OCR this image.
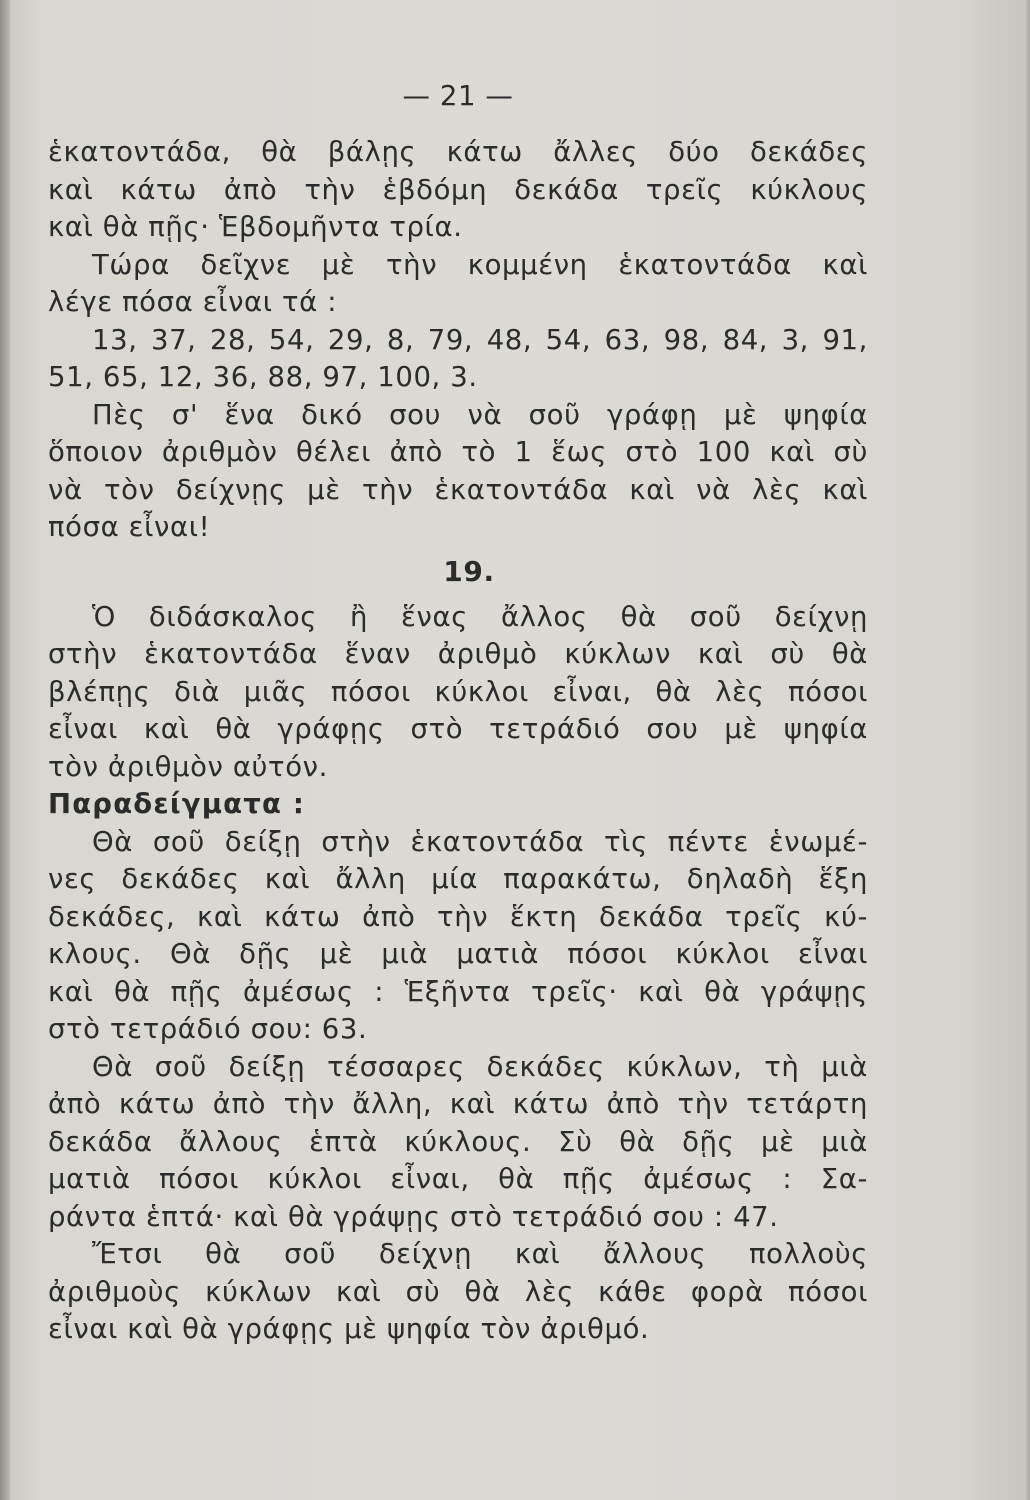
— 21 —
ἑκατοντάδα, θὰ βάλῃς κάτω ἄλλες δύο δεκάδες
καὶ κάτω ἀπὸ τὴν ἑβδόμη δεκάδα τρεῖς κύκλους
καὶ θὰ πῇς· Ἑβδομῆντα τρία.
Τώρα δεῖχνε μὲ τὴν κομμένη ἑκατοντάδα καὶ
λέγε πόσα εἶναι τά :
13, 37, 28, 54, 29, 8, 79, 48, 54, 63, 98, 84, 3, 91,
51, 65, 12, 36, 88, 97, 100, 3.
Πὲς σ' ἕνα δικό σου νὰ σοῦ γράφῃ μὲ ψηφία
ὅποιον ἀριθμὸν θέλει ἀπὸ τὸ 1 ἕως στὸ 100 καὶ σὺ
νὰ τὸν δείχνῃς μὲ τὴν ἑκατοντάδα καὶ νὰ λὲς καὶ
πόσα εἶναι!
19.
Ὁ διδάσκαλος ἢ ἕνας ἄλλος θὰ σοῦ δείχνῃ
στὴν ἑκατοντάδα ἕναν ἀριθμὸ κύκλων καὶ σὺ θὰ
βλέπῃς διὰ μιᾶς πόσοι κύκλοι εἶναι, θὰ λὲς πόσοι
εἶναι καὶ θὰ γράφῃς στὸ τετράδιό σου μὲ ψηφία
τὸν ἀριθμὸν αὐτόν.
Παραδείγματα :
Θὰ σοῦ δείξῃ στὴν ἑκατοντάδα τὶς πέντε ἑνωμέ-
νες δεκάδες καὶ ἄλλη μία παρακάτω, δηλαδὴ ἕξη
δεκάδες, καὶ κάτω ἀπὸ τὴν ἕκτη δεκάδα τρεῖς κύ-
κλους. Θὰ δῇς μὲ μιὰ ματιὰ πόσοι κύκλοι εἶναι
καὶ θὰ πῇς ἀμέσως : Ἑξῆντα τρεῖς· καὶ θὰ γράψῃς
στὸ τετράδιό σου: 63.
Θὰ σοῦ δείξῃ τέσσαρες δεκάδες κύκλων, τὴ μιὰ
ἀπὸ κάτω ἀπὸ τὴν ἄλλη, καὶ κάτω ἀπὸ τὴν τετάρτη
δεκάδα ἄλλους ἑπτὰ κύκλους. Σὺ θὰ δῇς μὲ μιὰ
ματιὰ πόσοι κύκλοι εἶναι, θὰ πῇς ἀμέσως : Σα-
ράντα ἑπτά· καὶ θὰ γράψῃς στὸ τετράδιό σου : 47.
Ἔτσι θὰ σοῦ δείχνῃ καὶ ἄλλους πολλοὺς
ἀριθμοὺς κύκλων καὶ σὺ θὰ λὲς κάθε φορὰ πόσοι
εἶναι καὶ θὰ γράφῃς μὲ ψηφία τὸν ἀριθμό.
